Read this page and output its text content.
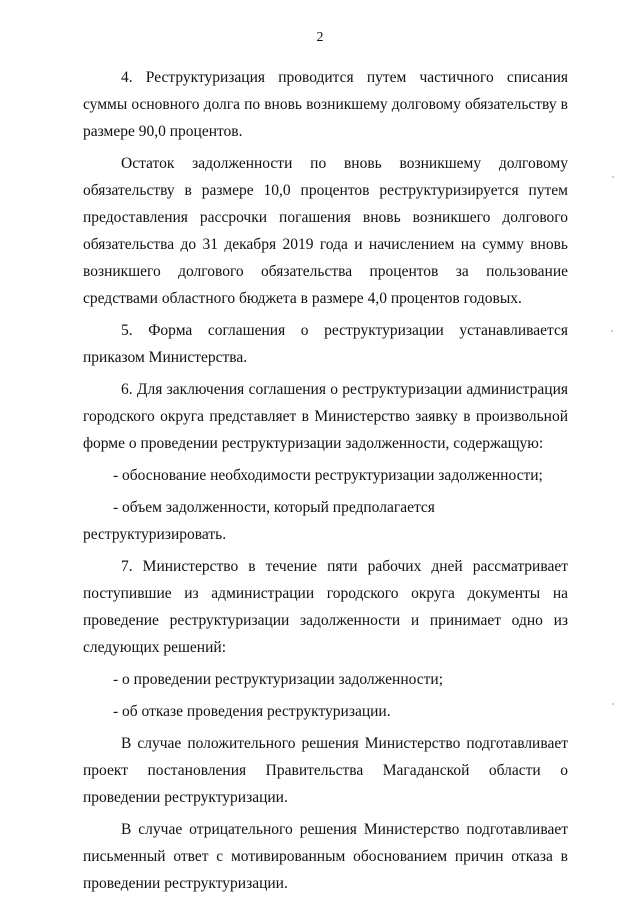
2

4. Реструктуризация проводится путем частичного списания суммы основного долга по вновь возникшему долговому обязательству в размере 90,0 процентов.

Остаток задолженности по вновь возникшему долговому обязательству в размере 10,0 процентов реструктуризируется путем предоставления рассрочки погашения вновь возникшего долгового обязательства до 31 декабря 2019 года и начислением на сумму вновь возникшего долгового обязательства процентов за пользование средствами областного бюджета в размере 4,0 процентов годовых.

5. Форма соглашения о реструктуризации устанавливается приказом Министерства.

6. Для заключения соглашения о реструктуризации администрация городского округа представляет в Министерство заявку в произвольной форме о проведении реструктуризации задолженности, содержащую:

- обоснование необходимости реструктуризации задолженности;

- объем задолженности, который предполагается реструктуризировать.

7. Министерство в течение пяти рабочих дней рассматривает поступившие из администрации городского округа документы на проведение реструктуризации задолженности и принимает одно из следующих решений:

- о проведении реструктуризации задолженности;

- об отказе проведения реструктуризации.

В случае положительного решения Министерство подготавливает проект постановления Правительства Магаданской области о проведении реструктуризации.

В случае отрицательного решения Министерство подготавливает письменный ответ с мотивированным обоснованием причин отказа в проведении реструктуризации.
